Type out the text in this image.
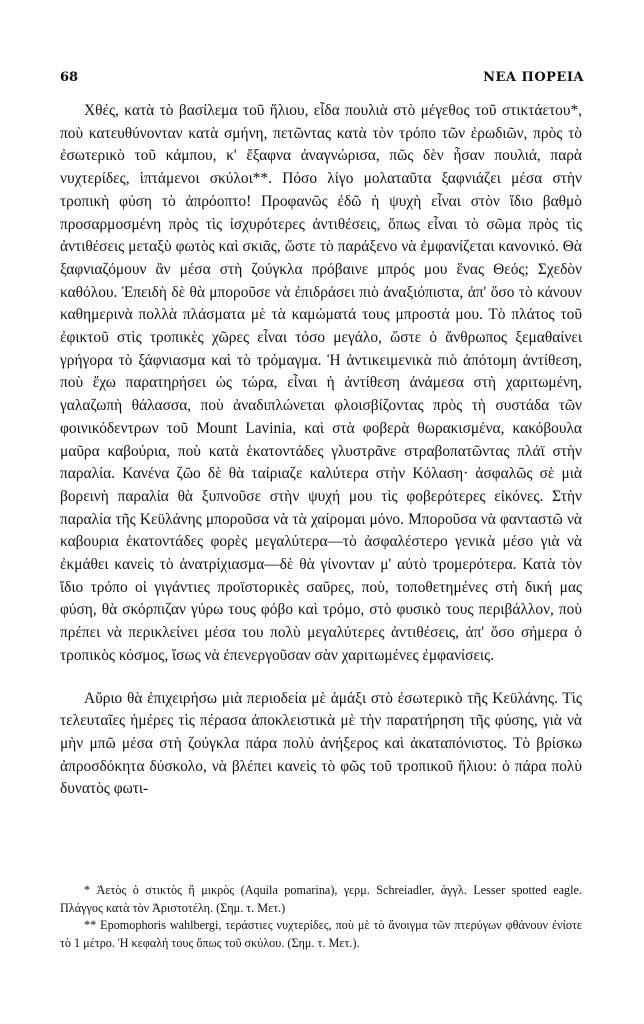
68	ΝΕΑ ΠΟΡΕΙΑ

Χθές, κατὰ τὸ βασίλεμα τοῦ ἥλιου, εἶδα πουλιὰ στὸ μέγεθος τοῦ στικτάετου*, ποὺ κατευθύνονταν κατὰ σμήνη, πετῶντας κατὰ τὸν τρόπο τῶν ἐρωδιῶν, πρὸς τὸ ἐσωτερικὸ τοῦ κάμπου, κ' ἔξαφνα ἀναγνώρισα, πῶς δὲν ἦσαν πουλιά, παρὰ νυχτερίδες, ἱπτάμενοι σκύλοι**. Πόσο λίγο μολαταῦτα ξαφνιάζει μέσα στὴν τροπικὴ φύση τὸ ἀπρόοπτο! Προφανῶς ἐδῶ ἡ ψυχὴ εἶναι στὸν ἴδιο βαθμὸ προσαρμοσμένη πρὸς τὶς ἰσχυρότερες ἀντιθέσεις, ὅπως εἶναι τὸ σῶμα πρὸς τὶς ἀντιθέσεις μεταξὺ φωτὸς καὶ σκιᾶς, ὥστε τὸ παράξενο νὰ ἐμφανίζεται κανονικό. Θὰ ξαφνιαζόμουν ἂν μέσα στὴ ζούγκλα πρόβαινε μπρός μου ἕνας Θεός; Σχεδὸν καθόλου. Ἐπειδὴ δὲ θὰ μποροῦσε νὰ ἐπιδράσει πιὸ ἀναξιόπιστα, ἀπ' ὅσο τὸ κάνουν καθημερινὰ πολλὰ πλάσματα μὲ τὰ καμώματά τους μπροστά μου. Τὸ πλάτος τοῦ ἐφικτοῦ στὶς τροπικὲς χῶρες εἶναι τόσο μεγάλο, ὥστε ὁ ἄνθρωπος ξεμαθαίνει γρήγορα τὸ ξάφνιασμα καὶ τὸ τρόμαγμα. Ἡ ἀντικειμενικὰ πιὸ ἀπότομη ἀντίθεση, ποὺ ἔχω παρατηρήσει ὡς τώρα, εἶναι ἡ ἀντίθεση ἀνάμεσα στὴ χαριτωμένη, γαλαζωπὴ θάλασσα, ποὺ ἀναδιπλώνεται φλοισβίζοντας πρὸς τὴ συστάδα τῶν φοινικόδεντρων τοῦ Mount Lavinia, καὶ στὰ φοβερὰ θωρακισμένα, κακόβουλα μαῦρα καβούρια, ποὺ κατὰ ἑκατοντάδες γλυστρᾶνε στραβοπατῶντας πλάϊ στὴν παραλία. Κανένα ζῶο δὲ θὰ ταίριαζε καλύτερα στὴν Κόλαση· ἀσφαλῶς σὲ μιὰ βορεινὴ παραλία θὰ ξυπνοῦσε στὴν ψυχή μου τὶς φοβερότερες εἰκόνες. Στὴν παραλία τῆς Κεϋλάνης μποροῦσα νὰ τὰ χαίρομαι μόνο. Μποροῦσα νὰ φανταστῶ νὰ καβουρια ἑκατοντάδες φορὲς μεγαλύτερα—τὸ ἀσφαλέστερο γενικὰ μέσο γιὰ νὰ ἐκμάθει κανεὶς τὸ ἀνατρίχιασμα—δὲ θὰ γίνονταν μ' αὐτὸ τρομερότερα. Κατὰ τὸν ἴδιο τρόπο οἱ γιγάντιες προϊστορικὲς σαῦρες, ποὺ, τοποθετημένες στὴ δική μας φύση, θὰ σκόρπιζαν γύρω τους φόβο καὶ τρόμο, στὸ φυσικὸ τους περιβάλλον, ποὺ πρέπει νὰ περικλείνει μέσα του πολὺ μεγαλύτερες ἀντιθέσεις, ἀπ' ὅσο σήμερα ὁ τροπικὸς κόσμος, ἴσως νὰ ἐπενεργοῦσαν σὰν χαριτωμένες ἐμφανίσεις.

Αὔριο θὰ ἐπιχειρήσω μιὰ περιοδεία μὲ ἁμάξι στὸ ἐσωτερικὸ τῆς Κεϋλάνης. Τὶς τελευταῖες ἡμέρες τὶς πέρασα ἀποκλειστικὰ μὲ τὴν παρατήρηση τῆς φύσης, γιὰ νὰ μὴν μπῶ μέσα στὴ ζούγκλα πάρα πολὺ ἀνήξερος καὶ ἀκαταπόνιστος. Τὸ βρίσκω ἀπροσδόκητα δύσκολο, νὰ βλέπει κανεὶς τὸ φῶς τοῦ τροπικοῦ ἥλιου: ὁ πάρα πολὺ δυνατὸς φωτι-

* Ἀετὸς ὁ στικτὸς ἢ μικρὸς (Aquila pomarina), γερμ. Schreiadler, ἀγγλ. Lesser spotted eagle. Πλάγγος κατὰ τὸν Ἀριστοτέλη. (Σημ. τ. Μετ.)

** Epomophoris wahlbergi, τεράστιες νυχτερίδες, ποὺ μὲ τὸ ἄνοιγμα τῶν πτερύγων φθάνουν ἐνίοτε τὸ 1 μέτρο. Ἡ κεφαλή τους ὅπως τοῦ σκύλου. (Σημ. τ. Μετ.).
